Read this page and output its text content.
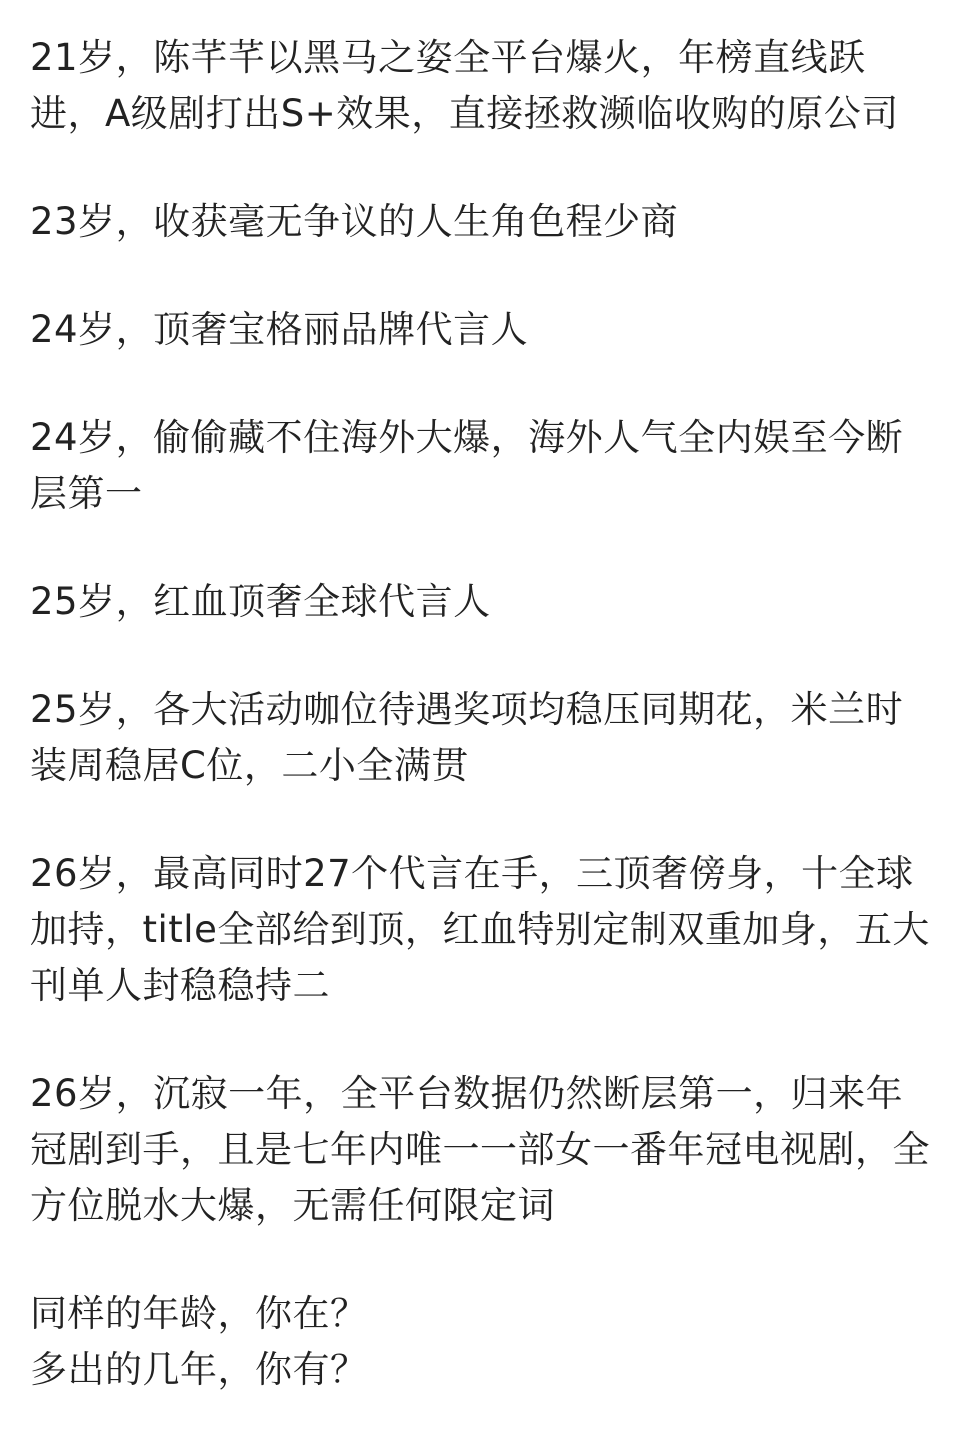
21岁，陈芊芊以黑马之姿全平台爆火，年榜直线跃进，A级剧打出S+效果，直接拯救濒临收购的原公司

23岁，收获毫无争议的人生角色程少商

24岁，顶奢宝格丽品牌代言人

24岁，偷偷藏不住海外大爆，海外人气全内娱至今断层第一

25岁，红血顶奢全球代言人

25岁，各大活动咖位待遇奖项均稳压同期花，米兰时装周稳居C位，二小全满贯

26岁，最高同时27个代言在手，三顶奢傍身，十全球加持，title全部给到顶，红血特别定制双重加身，五大刊单人封稳稳持二

26岁，沉寂一年，全平台数据仍然断层第一，归来年冠剧到手，且是七年内唯一一部女一番年冠电视剧，全方位脱水大爆，无需任何限定词

同样的年龄，你在？
多出的几年，你有？
